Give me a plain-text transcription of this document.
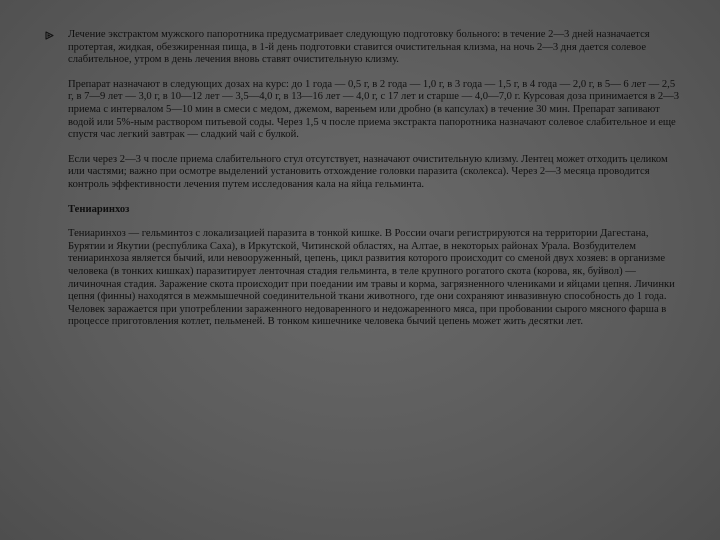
Лечение экстрактом мужского папоротника предусматривает следующую подготовку больного: в течение 2—3 дней назначается протертая, жидкая, обезжиренная пища, в 1-й день подготовки ставится очистительная клизма, на ночь 2—3 дня дается солевое слабительное, утром в день лечения вновь ставят очистительную клизму.

Препарат назначают в следующих дозах на курс: до 1 года — 0,5 г, в 2 года — 1,0 г, в 3 года — 1,5 г, в 4 года — 2,0 г, в 5— 6 лет — 2,5 г, в 7—9 лет — 3,0 г, в 10—12 лет — 3,5—4,0 г, в 13—16 лет — 4,0 г, с 17 лет и старше — 4,0—7,0 г. Курсовая доза принимается в 2—3 приема с интервалом 5—10 мин в смеси с медом, джемом, вареньем или дробно (в капсулах) в течение 30 мин. Препарат запивают водой или 5%-ным раствором питьевой соды. Через 1,5 ч после приема экстракта папоротника назначают солевое слабительное и еще спустя час легкий завтрак — сладкий чай с булкой.

Если через 2—3 ч после приема слабительного стул отсутствует, назначают очистительную клизму. Лентец может отходить целиком или частями; важно при осмотре выделений установить отхождение головки паразита (сколекса). Через 2—3 месяца проводится контроль эффективности лечения путем исследования кала на яйца гельминта.

Тениаринхоз

Тениаринхоз — гельминтоз с локализацией паразита в тонкой кишке. В России очаги регистрируются на территории Дагестана, Бурятии и Якутии (республика Саха), в Иркутской, Читинской областях, на Алтае, в некоторых районах Урала. Возбудителем тениаринхоза является бычий, или невооруженный, цепень, цикл развития которого происходит со сменой двух хозяев: в организме человека (в тонких кишках) паразитирует ленточная стадия гельминта, в теле крупного рогатого скота (корова, як, буйвол) — личиночная стадия. Заражение скота происходит при поедании им травы и корма, загрязненного члениками и яйцами цепня. Личинки цепня (финны) находятся в межмышечной соединительной ткани животного, где они сохраняют инвазивную способность до 1 года. Человек заражается при употреблении зараженного недоваренного и недожаренного мяса, при пробовании сырого мясного фарша в процессе приготовления котлет, пельменей. В тонком кишечнике человека бычий цепень может жить десятки лет.
